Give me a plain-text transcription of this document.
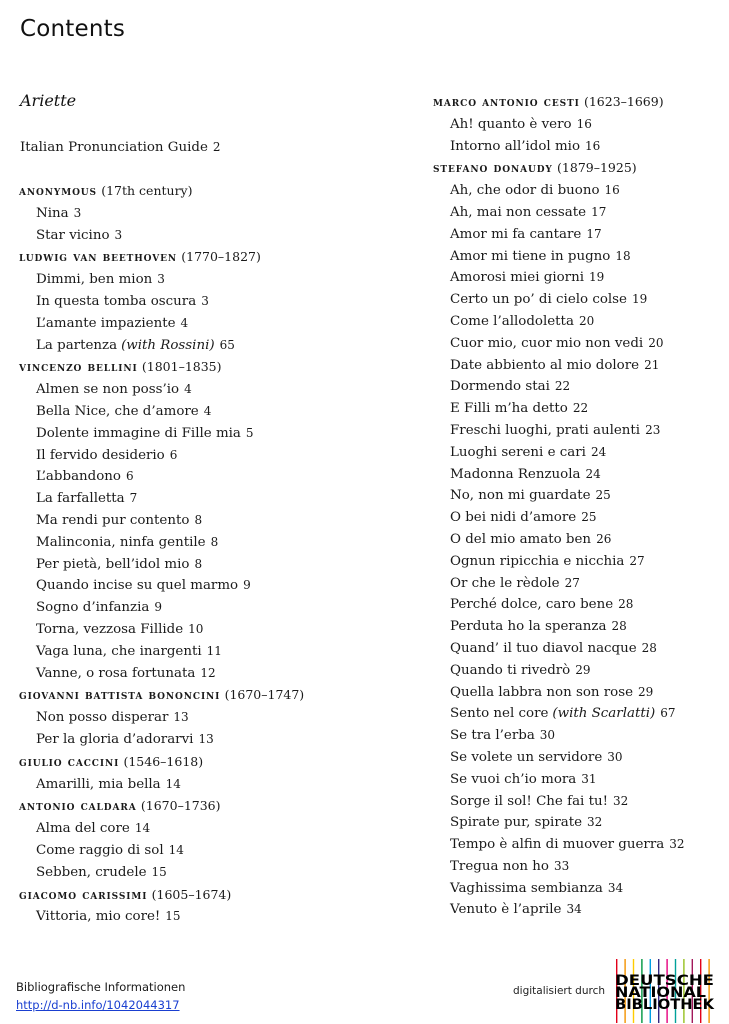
Contents
Ariette
Italian Pronunciation Guide 2
anonymous (17th century)
Nina 3
Star vicino 3
ludwig van beethoven (1770–1827)
Dimmi, ben mion 3
In questa tomba oscura 3
L’amante impaziente 4
La partenza (with Rossini) 65
vincenzo bellini (1801–1835)
Almen se non poss’io 4
Bella Nice, che d’amore 4
Dolente immagine di Fille mia 5
Il fervido desiderio 6
L’abbandono 6
La farfalletta 7
Ma rendi pur contento 8
Malinconia, ninfa gentile 8
Per pietà, bell’idol mio 8
Quando incise su quel marmo 9
Sogno d’infanzia 9
Torna, vezzosa Fillide 10
Vaga luna, che inargenti 11
Vanne, o rosa fortunata 12
giovanni battista bononcini (1670–1747)
Non posso disperar 13
Per la gloria d’adorarvi 13
giulio caccini (1546–1618)
Amarilli, mia bella 14
antonio caldara (1670–1736)
Alma del core 14
Come raggio di sol 14
Sebben, crudele 15
giacomo carissimi (1605–1674)
Vittoria, mio core! 15
marco antonio cesti (1623–1669)
Ah! quanto è vero 16
Intorno all’idol mio 16
stefano donaudy (1879–1925)
Ah, che odor di buono 16
Ah, mai non cessate 17
Amor mi fa cantare 17
Amor mi tiene in pugno 18
Amorosi miei giorni 19
Certo un po’ di cielo colse 19
Come l’allodoletta 20
Cuor mio, cuor mio non vedi 20
Date abbiento al mio dolore 21
Dormendo stai 22
E Filli m’ha detto 22
Freschi luoghi, prati aulenti 23
Luoghi sereni e cari 24
Madonna Renzuola 24
No, non mi guardate 25
O bei nidi d’amore 25
O del mio amato ben 26
Ognun ripicchia e nicchia 27
Or che le rèdole 27
Perché dolce, caro bene 28
Perduta ho la speranza 28
Quand’ il tuo diavol nacque 28
Quando ti rivedrò 29
Quella labbra non son rose 29
Sento nel core (with Scarlatti) 67
Se tra l’erba 30
Se volete un servidore 30
Se vuoi ch’io mora 31
Sorge il sol! Che fai tu! 32
Spirate pur, spirate 32
Tempo è alfin di muover guerra 32
Tregua non ho 33
Vaghissima sembianza 34
Venuto è l’aprile 34
Bibliografische Informationen
http://d-nb.info/1042044317
digitalisiert durch
DEUTSCHE
NATIONAL
BIBLIOTHEK
